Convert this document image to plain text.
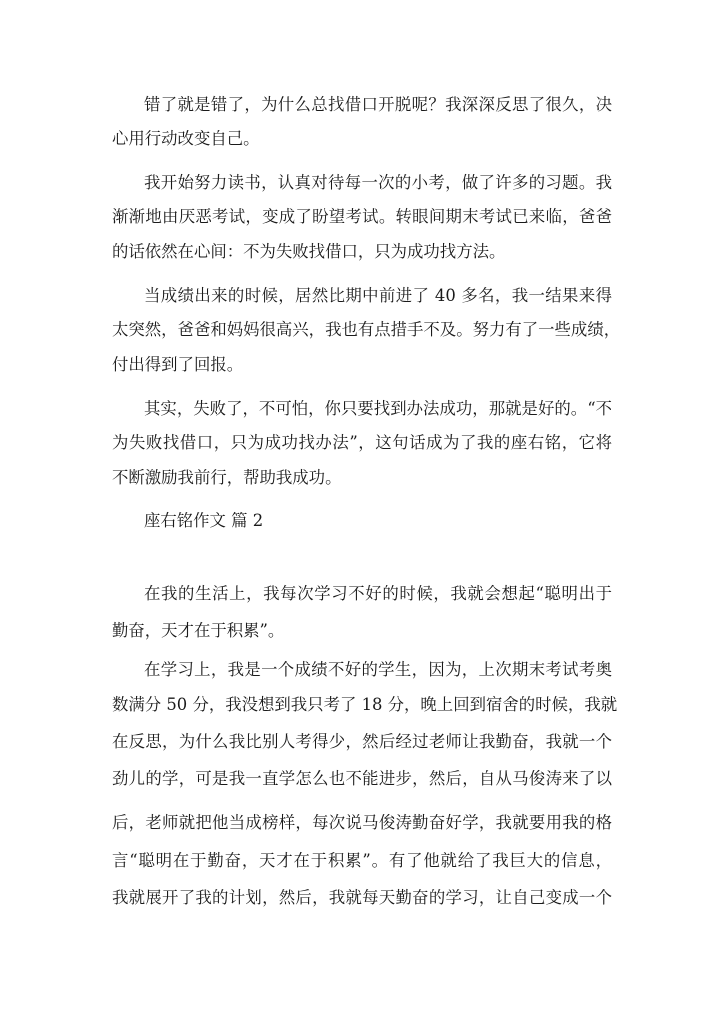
错了就是错了，为什么总找借口开脱呢？我深深反思了很久，决
心用行动改变自己。
我开始努力读书，认真对待每一次的小考，做了许多的习题。我
渐渐地由厌恶考试，变成了盼望考试。转眼间期末考试已来临，爸爸
的话依然在心间：不为失败找借口，只为成功找方法。
当成绩出来的时候，居然比期中前进了 40 多名，我一结果来得
太突然，爸爸和妈妈很高兴，我也有点措手不及。努力有了一些成绩，
付出得到了回报。
其实，失败了，不可怕，你只要找到办法成功，那就是好的。“不
为失败找借口，只为成功找办法”，这句话成为了我的座右铭，它将
不断激励我前行，帮助我成功。
座右铭作文 篇 2
在我的生活上，我每次学习不好的时候，我就会想起“聪明出于
勤奋，天才在于积累”。
在学习上，我是一个成绩不好的学生，因为，上次期末考试考奥
数满分 50 分，我没想到我只考了 18 分，晚上回到宿舍的时候，我就
在反思，为什么我比别人考得少，然后经过老师让我勤奋，我就一个
劲儿的学，可是我一直学怎么也不能进步，然后，自从马俊涛来了以
后，老师就把他当成榜样，每次说马俊涛勤奋好学，我就要用我的格
言“聪明在于勤奋，天才在于积累”。有了他就给了我巨大的信息，
我就展开了我的计划，然后，我就每天勤奋的学习，让自己变成一个
